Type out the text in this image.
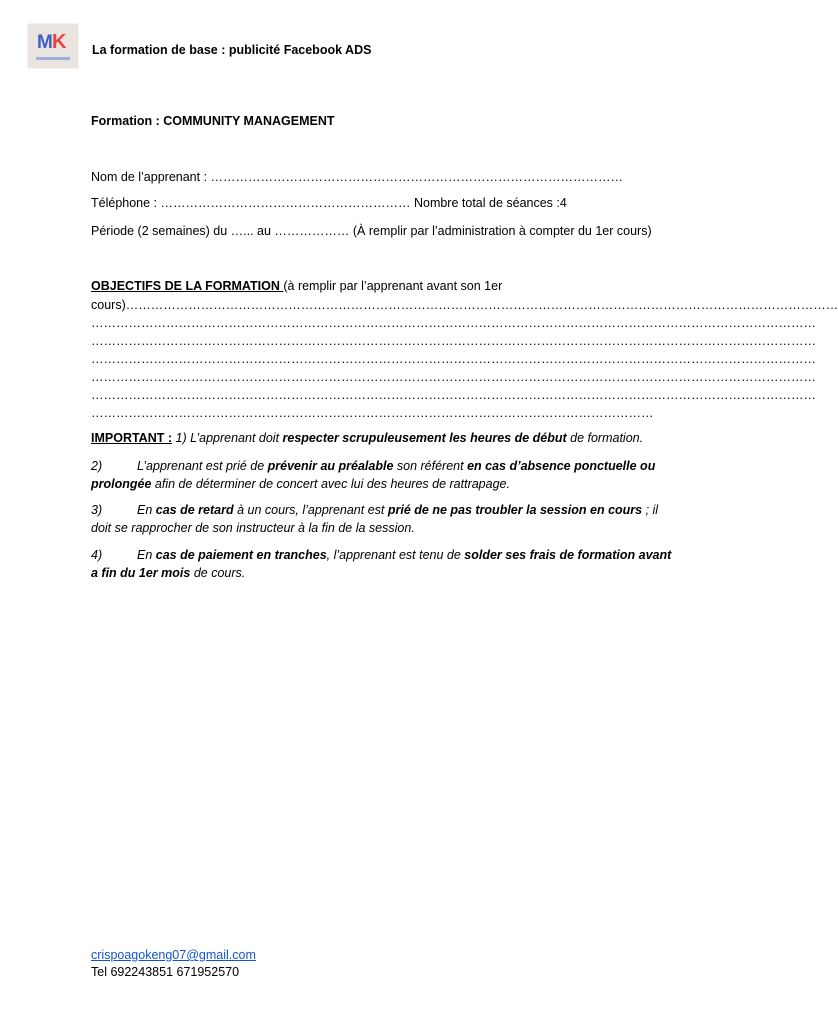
M K La formation de base : publicité Facebook ADS
Formation : COMMUNITY MANAGEMENT
Nom de l’apprenant : ………………………………………………………………………………………
Téléphone : …………………………………………………… Nombre total de séances :4
Période (2 semaines) du …... au ……………… (À remplir par l’administration à compter du 1er cours)
OBJECTIFS DE LA FORMATION (à remplir par l’apprenant avant son 1er
cours)………………………………………………………………………………………………………………………………………………………
…………………………………………………………………………………………………………………………………………………………
…………………………………………………………………………………………………………………………………………………………
…………………………………………………………………………………………………………………………………………………………
…………………………………………………………………………………………………………………………………………………………
…………………………………………………………………………………………………………………………………………………………
………………………………………………………………………………………………………………………
IMPORTANT : 1) L’apprenant doit respecter scrupuleusement les heures de début de formation.
2)	L’apprenant est prié de prévenir au préalable son référent en cas d’absence ponctuelle ou prolongée afin de déterminer de concert avec lui des heures de rattrapage.
3)	En cas de retard à un cours, l’apprenant est prié de ne pas troubler la session en cours ; il doit se rapprocher de son instructeur à la fin de la session.
4)	En cas de paiement en tranches, l’apprenant est tenu de solder ses frais de formation avant a fin du 1er mois de cours.
crispoagokeng07@gmail.com
Tel 692243851 671952570
